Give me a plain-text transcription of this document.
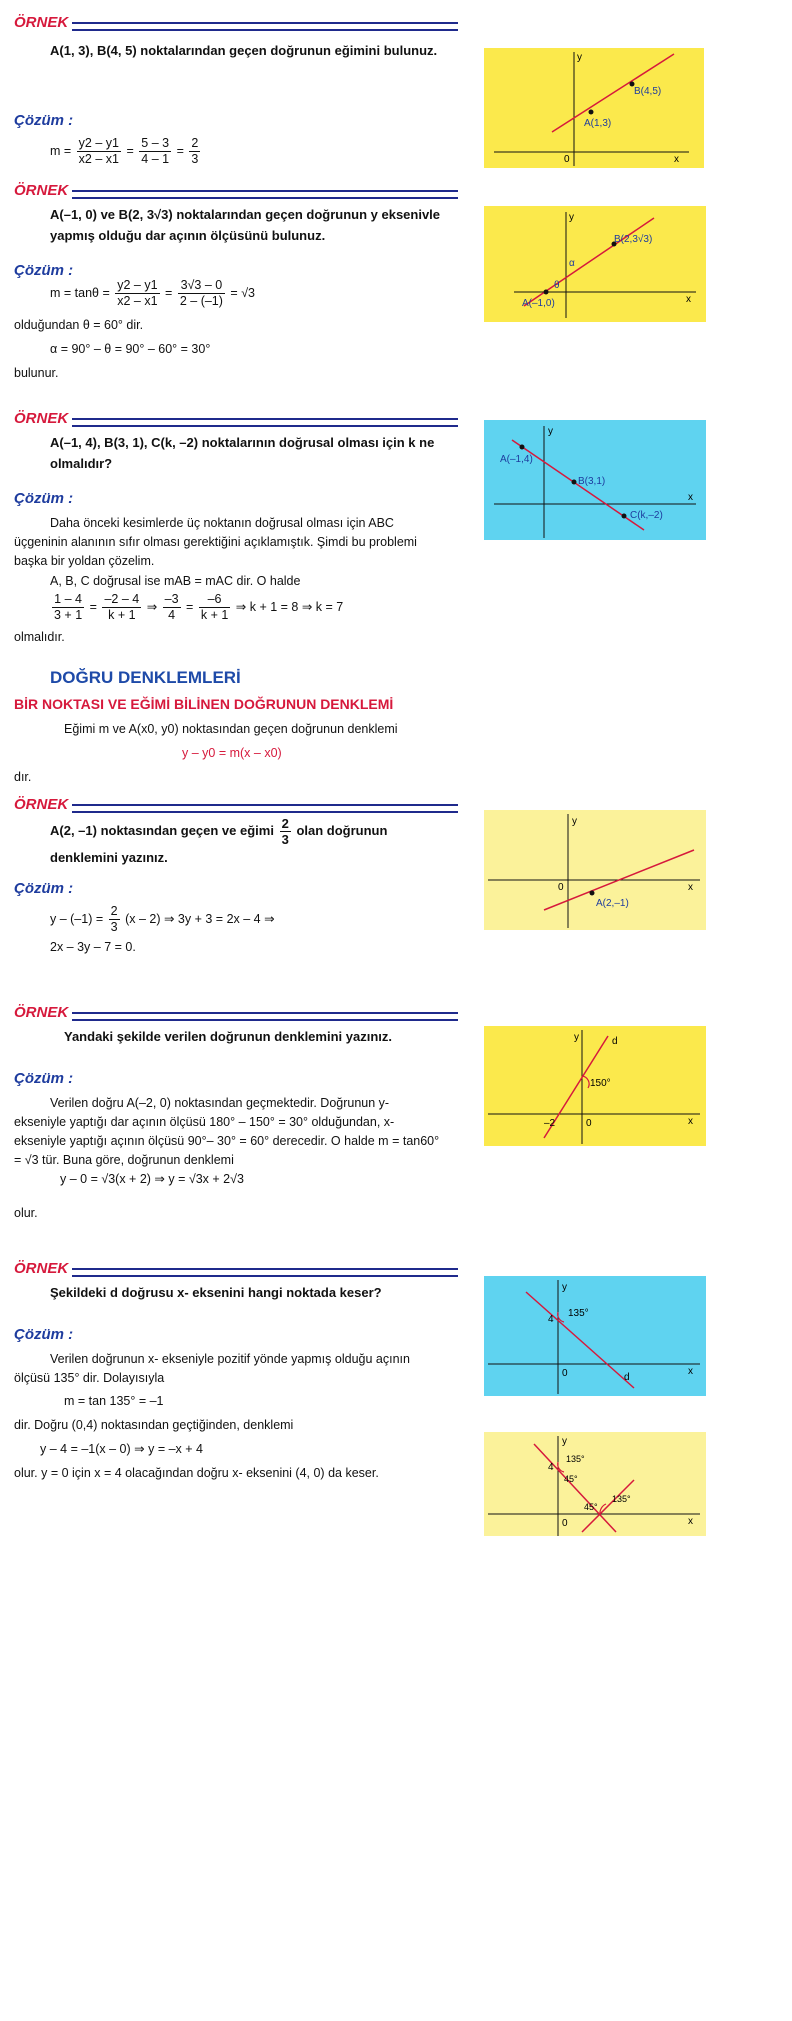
ÖRNEK
A(1, 3), B(4, 5) noktalarından geçen doğrunun eğimini bulunuz.
Çözüm :
$m = \frac{y2 - y1}{x2 - x1} = \frac{5 - 3}{4 - 1} = \frac{2}{3}$
y
x
0
A(1,3)
B(4,5)
ÖRNEK
A(–1, 0) ve B(2, 3√3) noktalarından geçen doğrunun y eksenivle yapmış olduğu dar açının ölçüsünü bulunuz.
Çözüm :
$m = \tan\theta = \frac{y2 - y1}{x2 - x1} = \frac{3√3 - 0}{2 - (-1)} = √3$
olduğundan θ = 60° dir.
α = 90° – θ = 90° – 60° = 30°
bulunur.
y
x
A(–1,0)
B(2,3√3)
θ
α
ÖRNEK
A(–1, 4), B(3, 1), C(k, –2) noktalarının doğrusal olması için k ne olmalıdır?
Çözüm :
Daha önceki kesimlerde üç noktanın doğrusal olması için ABC üçgeninin alanının sıfır olması gerektiğini açıklamıştık. Şimdi bu problemi başka bir yoldan çözelim.
A, B, C doğrusal ise mAB = mAC dir. O halde
$\frac{1 - 4}{3 + 1} = \frac{-2 - 4}{k + 1}$ ⇒ $\frac{-3}{4} = \frac{-6}{k + 1}$ ⇒ k + 1 = 8 ⇒ k = 7
olmalıdır.
y
x
A(–1,4)
B(3,1)
C(k,–2)
DOĞRU DENKLEMLERİ
BİR NOKTASI VE EĞİMİ BİLİNEN DOĞRUNUN DENKLEMİ
Eğimi m ve A(x0, y0) noktasından geçen doğrunun denklemi
y – y0 = m(x – x0)
dır.
ÖRNEK
A(2, –1) noktasından geçen ve eğimi $\frac{2}{3}$ olan doğrunun denklemini yazınız.
Çözüm :
$y - (-1) = \frac{2}{3} (x - 2)$ ⇒ 3y + 3 = 2x – 4 ⇒
2x – 3y – 7 = 0.
y
x
0
A(2,–1)
ÖRNEK
Yandaki şekilde verilen doğrunun denklemini yazınız.
Çözüm :
Verilen doğru A(–2, 0) noktasından geçmektedir. Doğrunun y- ekseniyle yaptığı dar açının ölçüsü 180° – 150° = 30° olduğundan, x- ekseniyle yaptığı açının ölçüsü 90°– 30° = 60° derecedir. O halde m = tan60° = √3 tür. Buna göre, doğrunun denklemi
y – 0 = √3(x + 2) ⇒ y = √3x + 2√3
olur.
y
x
d
–2	0
150°
ÖRNEK
Şekildeki d doğrusu x- eksenini hangi noktada keser?
Çözüm :
Verilen doğrunun x- ekseniyle pozitif yönde yapmış olduğu açının ölçüsü 135° dir. Dolayısıyla
m = tan 135° = –1
dir. Doğru (0,4) noktasından geçtiğinden, denklemi
y – 4 = –1(x – 0) ⇒ y = –x + 4
olur. y = 0 için x = 4 olacağından doğru x- eksenini (4, 0) da keser.
y
x
d
4
0
135°
y
x
4
0
135°
45°
45°
135°
